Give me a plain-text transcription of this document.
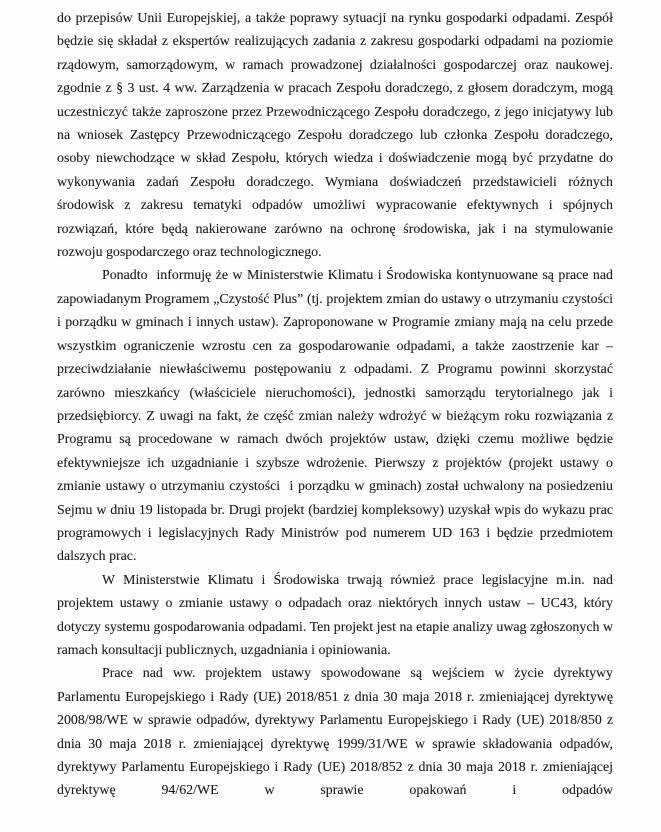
do przepisów Unii Europejskiej, a także poprawy sytuacji na rynku gospodarki odpadami. Zespół będzie się składał z ekspertów realizujących zadania z zakresu gospodarki odpadami na poziomie rządowym, samorządowym, w ramach prowadzonej działalności gospodarczej oraz naukowej. zgodnie z § 3 ust. 4 ww. Zarządzenia w pracach Zespołu doradczego, z głosem doradczym, mogą uczestniczyć także zaproszone przez Przewodniczącego Zespołu doradczego, z jego inicjatywy lub na wniosek Zastępcy Przewodniczącego Zespołu doradczego lub członka Zespołu doradczego, osoby niewchodzące w skład Zespołu, których wiedza i doświadczenie mogą być przydatne do wykonywania zadań Zespołu doradczego. Wymiana doświadczeń przedstawicieli różnych środowisk z zakresu tematyki odpadów umożliwi wypracowanie efektywnych i spójnych rozwiązań, które będą nakierowane zarówno na ochronę środowiska, jak i na stymulowanie rozwoju gospodarczego oraz technologicznego.

Ponadto  informuję że w Ministerstwie Klimatu i Środowiska kontynuowane są prace nad zapowiadanym Programem „Czystość Plus” (tj. projektem zmian do ustawy o utrzymaniu czystości  i porządku w gminach i innych ustaw). Zaproponowane w Programie zmiany mają na celu przede wszystkim ograniczenie wzrostu cen za gospodarowanie odpadami, a także zaostrzenie kar – przeciwdziałanie niewłaściwemu postępowaniu z odpadami. Z Programu powinni skorzystać zarówno mieszkańcy (właściciele nieruchomości), jednostki samorządu terytorialnego jak i przedsiębiorcy. Z uwagi na fakt, że część zmian należy wdrożyć w bieżącym roku rozwiązania z Programu są procedowane w ramach dwóch projektów ustaw, dzięki czemu możliwe będzie efektywniejsze ich uzgadnianie i szybsze wdrożenie. Pierwszy z projektów (projekt ustawy o zmianie ustawy o utrzymaniu czystości  i porządku w gminach) został uchwalony na posiedzeniu Sejmu w dniu 19 listopada br. Drugi projekt (bardziej kompleksowy) uzyskał wpis do wykazu prac programowych i legislacyjnych Rady Ministrów pod numerem UD 163 i będzie przedmiotem dalszych prac.

W Ministerstwie Klimatu i Środowiska trwają również prace legislacyjne m.in. nad projektem ustawy o zmianie ustawy o odpadach oraz niektórych innych ustaw – UC43, który dotyczy systemu gospodarowania odpadami. Ten projekt jest na etapie analizy uwag zgłoszonych w ramach konsultacji publicznych, uzgadniania i opiniowania.

Prace nad ww. projektem ustawy spowodowane są wejściem w życie dyrektywy Parlamentu Europejskiego i Rady (UE) 2018/851 z dnia 30 maja 2018 r. zmieniającej dyrektywę 2008/98/WE w sprawie odpadów, dyrektywy Parlamentu Europejskiego i Rady (UE) 2018/850 z dnia 30 maja 2018 r. zmieniającej dyrektywę 1999/31/WE w sprawie składowania odpadów, dyrektywy Parlamentu Europejskiego i Rady (UE) 2018/852 z dnia 30 maja 2018 r. zmieniającej dyrektywę 94/62/WE w sprawie opakowań i odpadów
